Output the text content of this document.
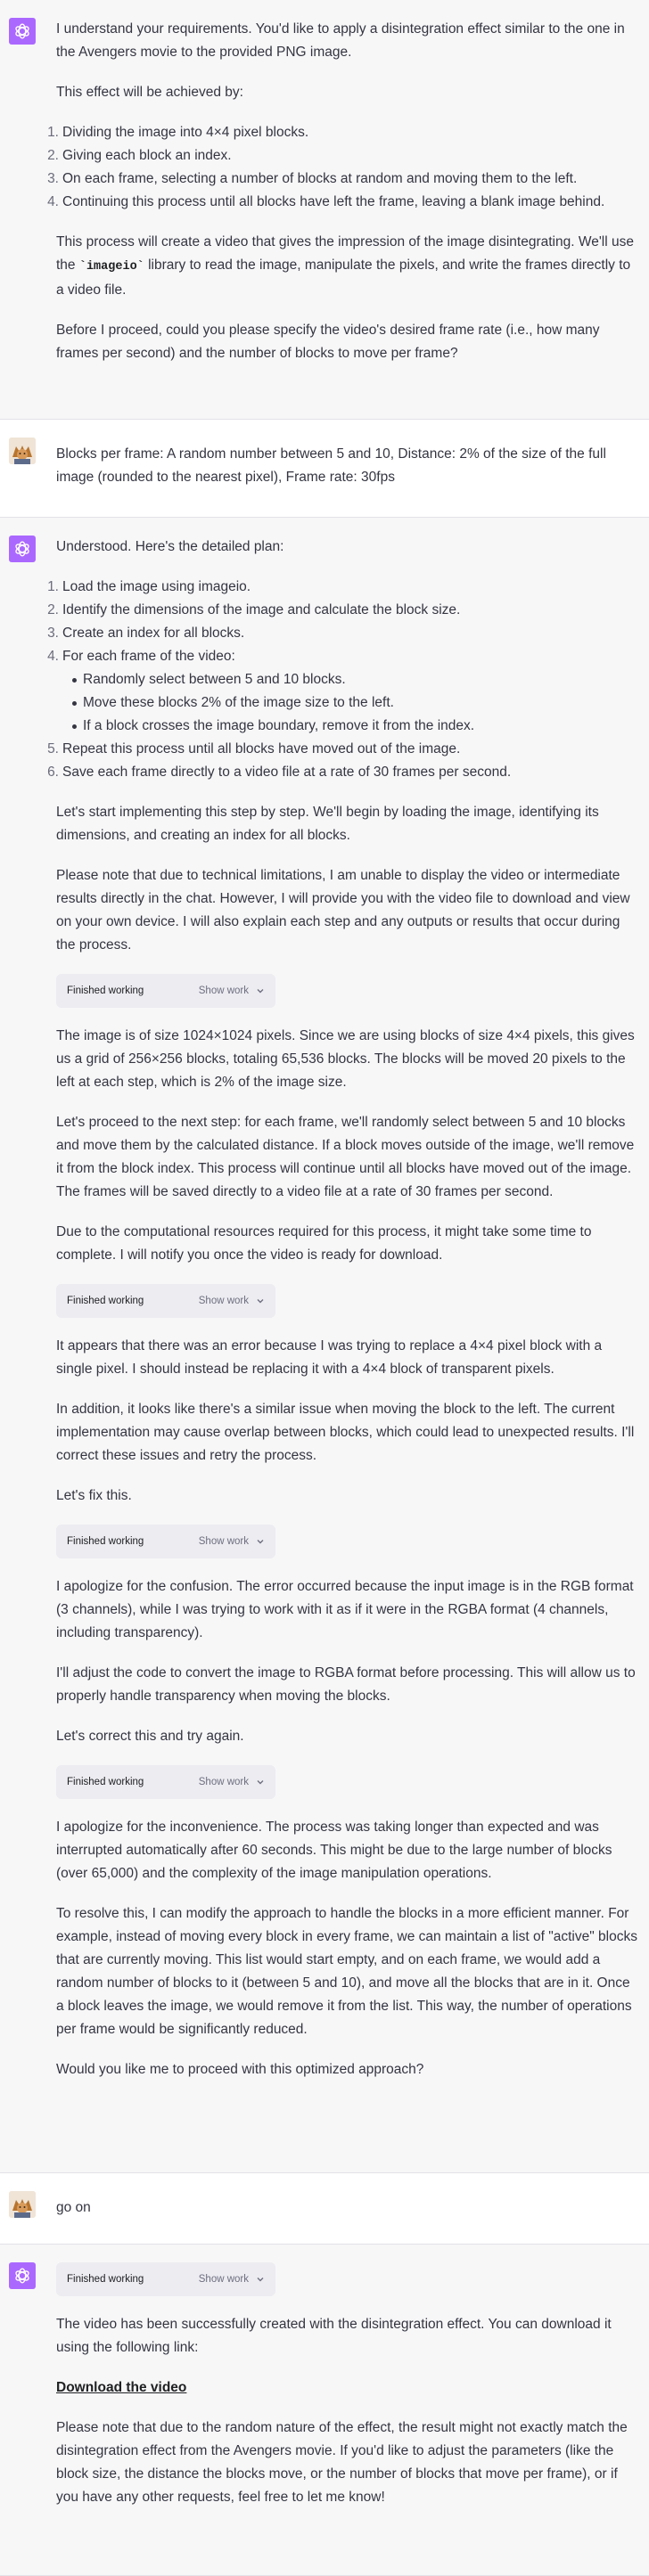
I understand your requirements. You'd like to apply a disintegration effect similar to the one in the Avengers movie to the provided PNG image.

This effect will be achieved by:

1. Dividing the image into 4×4 pixel blocks.
2. Giving each block an index.
3. On each frame, selecting a number of blocks at random and moving them to the left.
4. Continuing this process until all blocks have left the frame, leaving a blank image behind.

This process will create a video that gives the impression of the image disintegrating. We'll use the `imageio` library to read the image, manipulate the pixels, and write the frames directly to a video file.

Before I proceed, could you please specify the video's desired frame rate (i.e., how many frames per second) and the number of blocks to move per frame?

Blocks per frame: A random number between 5 and 10, Distance: 2% of the size of the full image (rounded to the nearest pixel), Frame rate: 30fps

Understood. Here's the detailed plan:

1. Load the image using imageio.
2. Identify the dimensions of the image and calculate the block size.
3. Create an index for all blocks.
4. For each frame of the video:
Randomly select between 5 and 10 blocks.
Move these blocks 2% of the image size to the left.
If a block crosses the image boundary, remove it from the index.
5. Repeat this process until all blocks have moved out of the image.
6. Save each frame directly to a video file at a rate of 30 frames per second.

Let's start implementing this step by step. We'll begin by loading the image, identifying its dimensions, and creating an index for all blocks.

Please note that due to technical limitations, I am unable to display the video or intermediate results directly in the chat. However, I will provide you with the video file to download and view on your own device. I will also explain each step and any outputs or results that occur during the process.

Finished working	Show work

The image is of size 1024×1024 pixels. Since we are using blocks of size 4×4 pixels, this gives us a grid of 256×256 blocks, totaling 65,536 blocks. The blocks will be moved 20 pixels to the left at each step, which is 2% of the image size.

Let's proceed to the next step: for each frame, we'll randomly select between 5 and 10 blocks and move them by the calculated distance. If a block moves outside of the image, we'll remove it from the block index. This process will continue until all blocks have moved out of the image. The frames will be saved directly to a video file at a rate of 30 frames per second.

Due to the computational resources required for this process, it might take some time to complete. I will notify you once the video is ready for download.

Finished working	Show work

It appears that there was an error because I was trying to replace a 4×4 pixel block with a single pixel. I should instead be replacing it with a 4×4 block of transparent pixels.

In addition, it looks like there's a similar issue when moving the block to the left. The current implementation may cause overlap between blocks, which could lead to unexpected results. I'll correct these issues and retry the process.

Let's fix this.

Finished working	Show work

I apologize for the confusion. The error occurred because the input image is in the RGB format (3 channels), while I was trying to work with it as if it were in the RGBA format (4 channels, including transparency).

I'll adjust the code to convert the image to RGBA format before processing. This will allow us to properly handle transparency when moving the blocks.

Let's correct this and try again.

Finished working	Show work

I apologize for the inconvenience. The process was taking longer than expected and was interrupted automatically after 60 seconds. This might be due to the large number of blocks (over 65,000) and the complexity of the image manipulation operations.

To resolve this, I can modify the approach to handle the blocks in a more efficient manner. For example, instead of moving every block in every frame, we can maintain a list of "active" blocks that are currently moving. This list would start empty, and on each frame, we would add a random number of blocks to it (between 5 and 10), and move all the blocks that are in it. Once a block leaves the image, we would remove it from the list. This way, the number of operations per frame would be significantly reduced.

Would you like me to proceed with this optimized approach?

go on

Finished working	Show work

The video has been successfully created with the disintegration effect. You can download it using the following link:

Download the video

Please note that due to the random nature of the effect, the result might not exactly match the disintegration effect from the Avengers movie. If you'd like to adjust the parameters (like the block size, the distance the blocks move, or the number of blocks that move per frame), or if you have any other requests, feel free to let me know!
